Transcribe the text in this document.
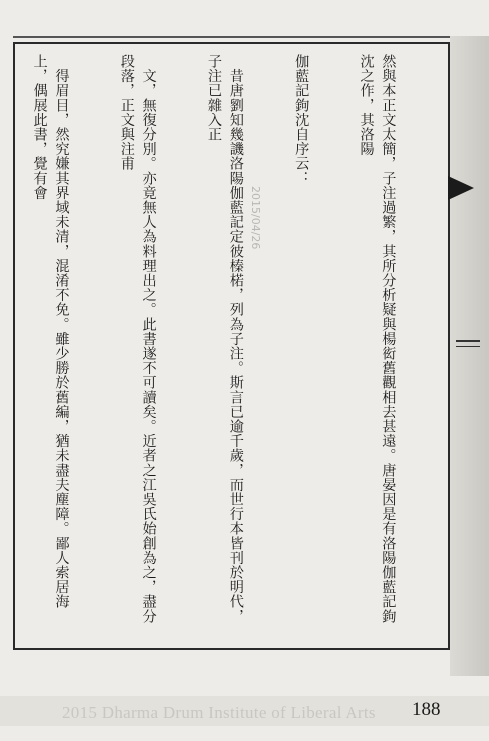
然與本正文太簡，子注過繁，其所分析疑與楊衒舊觀相去甚遠。唐晏因是有洛陽伽藍記鉤沈之作，其洛陽

伽藍記鉤沈自序云：

　昔唐劉知幾譏洛陽伽藍記定彼榛楉，列為子注。斯言已逾千歲，而世行本皆刊於明代，子注已雜入正

　文，無復分別。亦竟無人為料理出之。此書遂不可讀矣。近者之江吳氏始創為之，盡分段落，正文與注甫

　得眉目，然究嫌其界域未清，混淆不免。雖少勝於舊編，猶未盡夫塵障。鄙人索居海上，偶展此書，覺有會

2015/04/26
2015 Dharma Drum Institute of Liberal Arts 188
